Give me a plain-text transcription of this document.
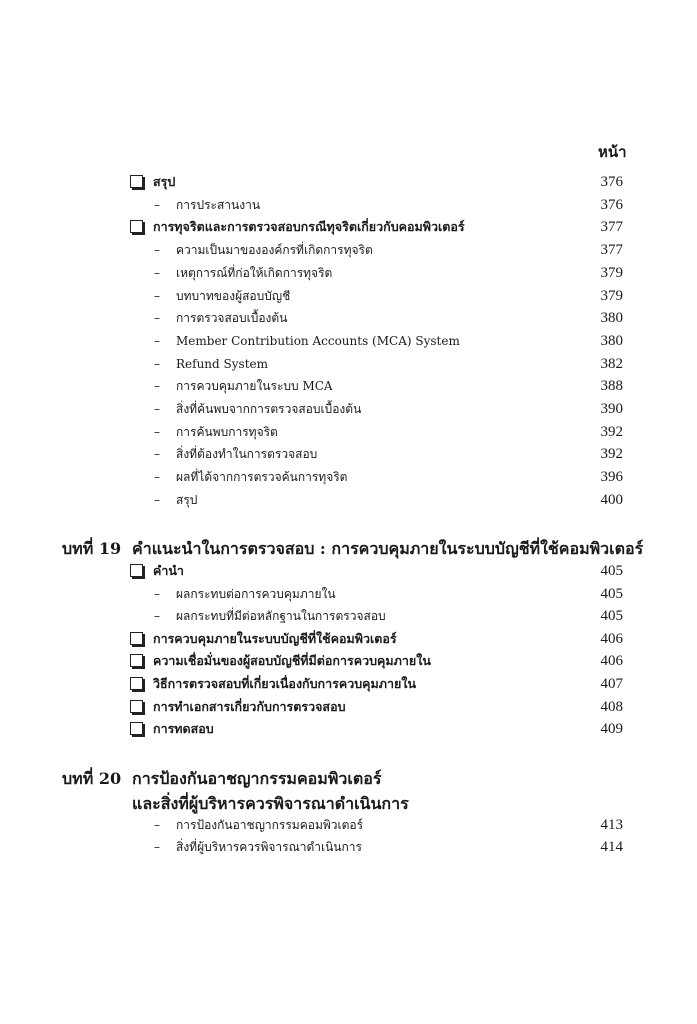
หน้า
สรุป	376
– การประสานงาน	376
การทุจริตและการตรวจสอบกรณีทุจริตเกี่ยวกับคอมพิวเตอร์	377
– ความเป็นมาขององค์กรที่เกิดการทุจริต	377
– เหตุการณ์ที่ก่อให้เกิดการทุจริต	379
– บทบาทของผู้สอบบัญชี	379
– การตรวจสอบเบื้องต้น	380
– Member Contribution Accounts (MCA) System	380
– Refund System	382
– การควบคุมภายในระบบ MCA	388
– สิ่งที่ค้นพบจากการตรวจสอบเบื้องต้น	390
– การค้นพบการทุจริต	392
– สิ่งที่ต้องทำในการตรวจสอบ	392
– ผลที่ได้จากการตรวจค้นการทุจริต	396
– สรุป	400
บทที่ 19 คำแนะนำในการตรวจสอบ : การควบคุมภายในระบบบัญชีที่ใช้คอมพิวเตอร์
คำนำ	405
– ผลกระทบต่อการควบคุมภายใน	405
– ผลกระทบที่มีต่อหลักฐานในการตรวจสอบ	405
การควบคุมภายในระบบบัญชีที่ใช้คอมพิวเตอร์	406
ความเชื่อมั่นของผู้สอบบัญชีที่มีต่อการควบคุมภายใน	406
วิธีการตรวจสอบที่เกี่ยวเนื่องกับการควบคุมภายใน	407
การทำเอกสารเกี่ยวกับการตรวจสอบ	408
การทดสอบ	409
บทที่ 20 การป้องกันอาชญากรรมคอมพิวเตอร์
และสิ่งที่ผู้บริหารควรพิจารณาดำเนินการ
– การป้องกันอาชญากรรมคอมพิวเตอร์	413
– สิ่งที่ผู้บริหารควรพิจารณาดำเนินการ	414
